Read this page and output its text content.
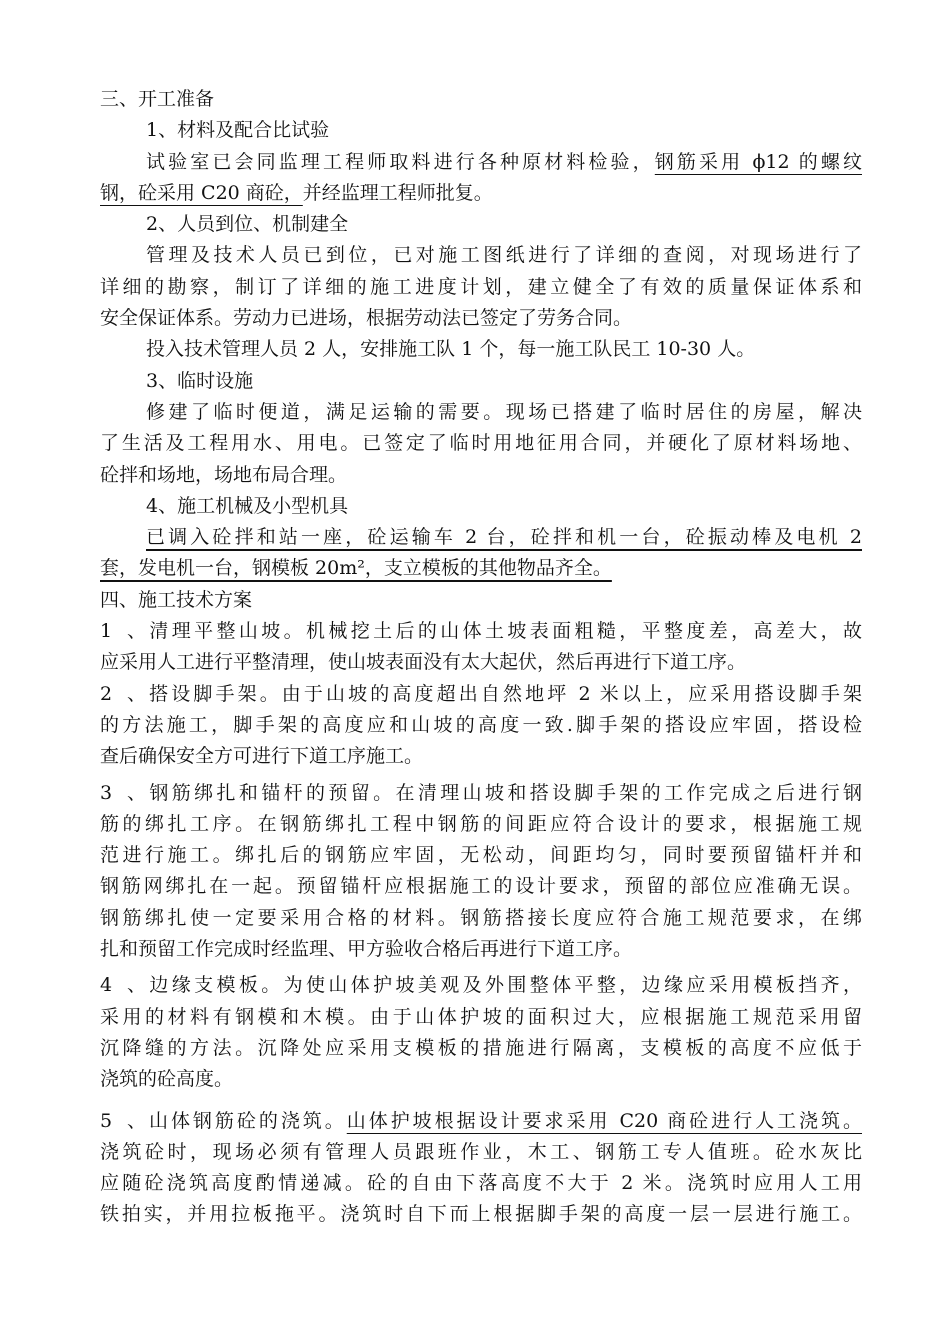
三、开工准备
1、材料及配合比试验
试验室已会同监理工程师取料进行各种原材料检验，钢筋采用 ϕ12 的螺纹
钢，砼采用 C20 商砼，并经监理工程师批复。
2、人员到位、机制建全
管理及技术人员已到位，已对施工图纸进行了详细的查阅，对现场进行了
详细的勘察，制订了详细的施工进度计划，建立健全了有效的质量保证体系和
安全保证体系。劳动力已进场，根据劳动法已签定了劳务合同。
投入技术管理人员 2 人，安排施工队 1 个，每一施工队民工 10-30 人。
3、临时设施
修建了临时便道，满足运输的需要。现场已搭建了临时居住的房屋，解决
了生活及工程用水、用电。已签定了临时用地征用合同，并硬化了原材料场地、
砼拌和场地，场地布局合理。
4、施工机械及小型机具
已调入砼拌和站一座，砼运输车 2 台，砼拌和机一台，砼振动棒及电机 2
套，发电机一台，钢模板 20m²，支立模板的其他物品齐全。
四、施工技术方案
1、清理平整山坡。机械挖土后的山体土坡表面粗糙，平整度差，高差大，故
应采用人工进行平整清理，使山坡表面没有太大起伏，然后再进行下道工序。
2、搭设脚手架。由于山坡的高度超出自然地坪 2 米以上，应采用搭设脚手架
的方法施工，脚手架的高度应和山坡的高度一致.脚手架的搭设应牢固，搭设检
查后确保安全方可进行下道工序施工。
3、钢筋绑扎和锚杆的预留。在清理山坡和搭设脚手架的工作完成之后进行钢
筋的绑扎工序。在钢筋绑扎工程中钢筋的间距应符合设计的要求，根据施工规
范进行施工。绑扎后的钢筋应牢固，无松动，间距均匀，同时要预留锚杆并和
钢筋网绑扎在一起。预留锚杆应根据施工的设计要求，预留的部位应准确无误。
钢筋绑扎使一定要采用合格的材料。钢筋搭接长度应符合施工规范要求，在绑
扎和预留工作完成时经监理、甲方验收合格后再进行下道工序。
4、边缘支模板。为使山体护坡美观及外围整体平整，边缘应采用模板挡齐，
采用的材料有钢模和木模。由于山体护坡的面积过大，应根据施工规范采用留
沉降缝的方法。沉降处应采用支模板的措施进行隔离，支模板的高度不应低于
浇筑的砼高度。
5、山体钢筋砼的浇筑。山体护坡根据设计要求采用 C20 商砼进行人工浇筑。
浇筑砼时，现场必须有管理人员跟班作业，木工、钢筋工专人值班。砼水灰比
应随砼浇筑高度酌情递减。砼的自由下落高度不大于 2 米。浇筑时应用人工用
铁拍实，并用拉板拖平。浇筑时自下而上根据脚手架的高度一层一层进行施工。
